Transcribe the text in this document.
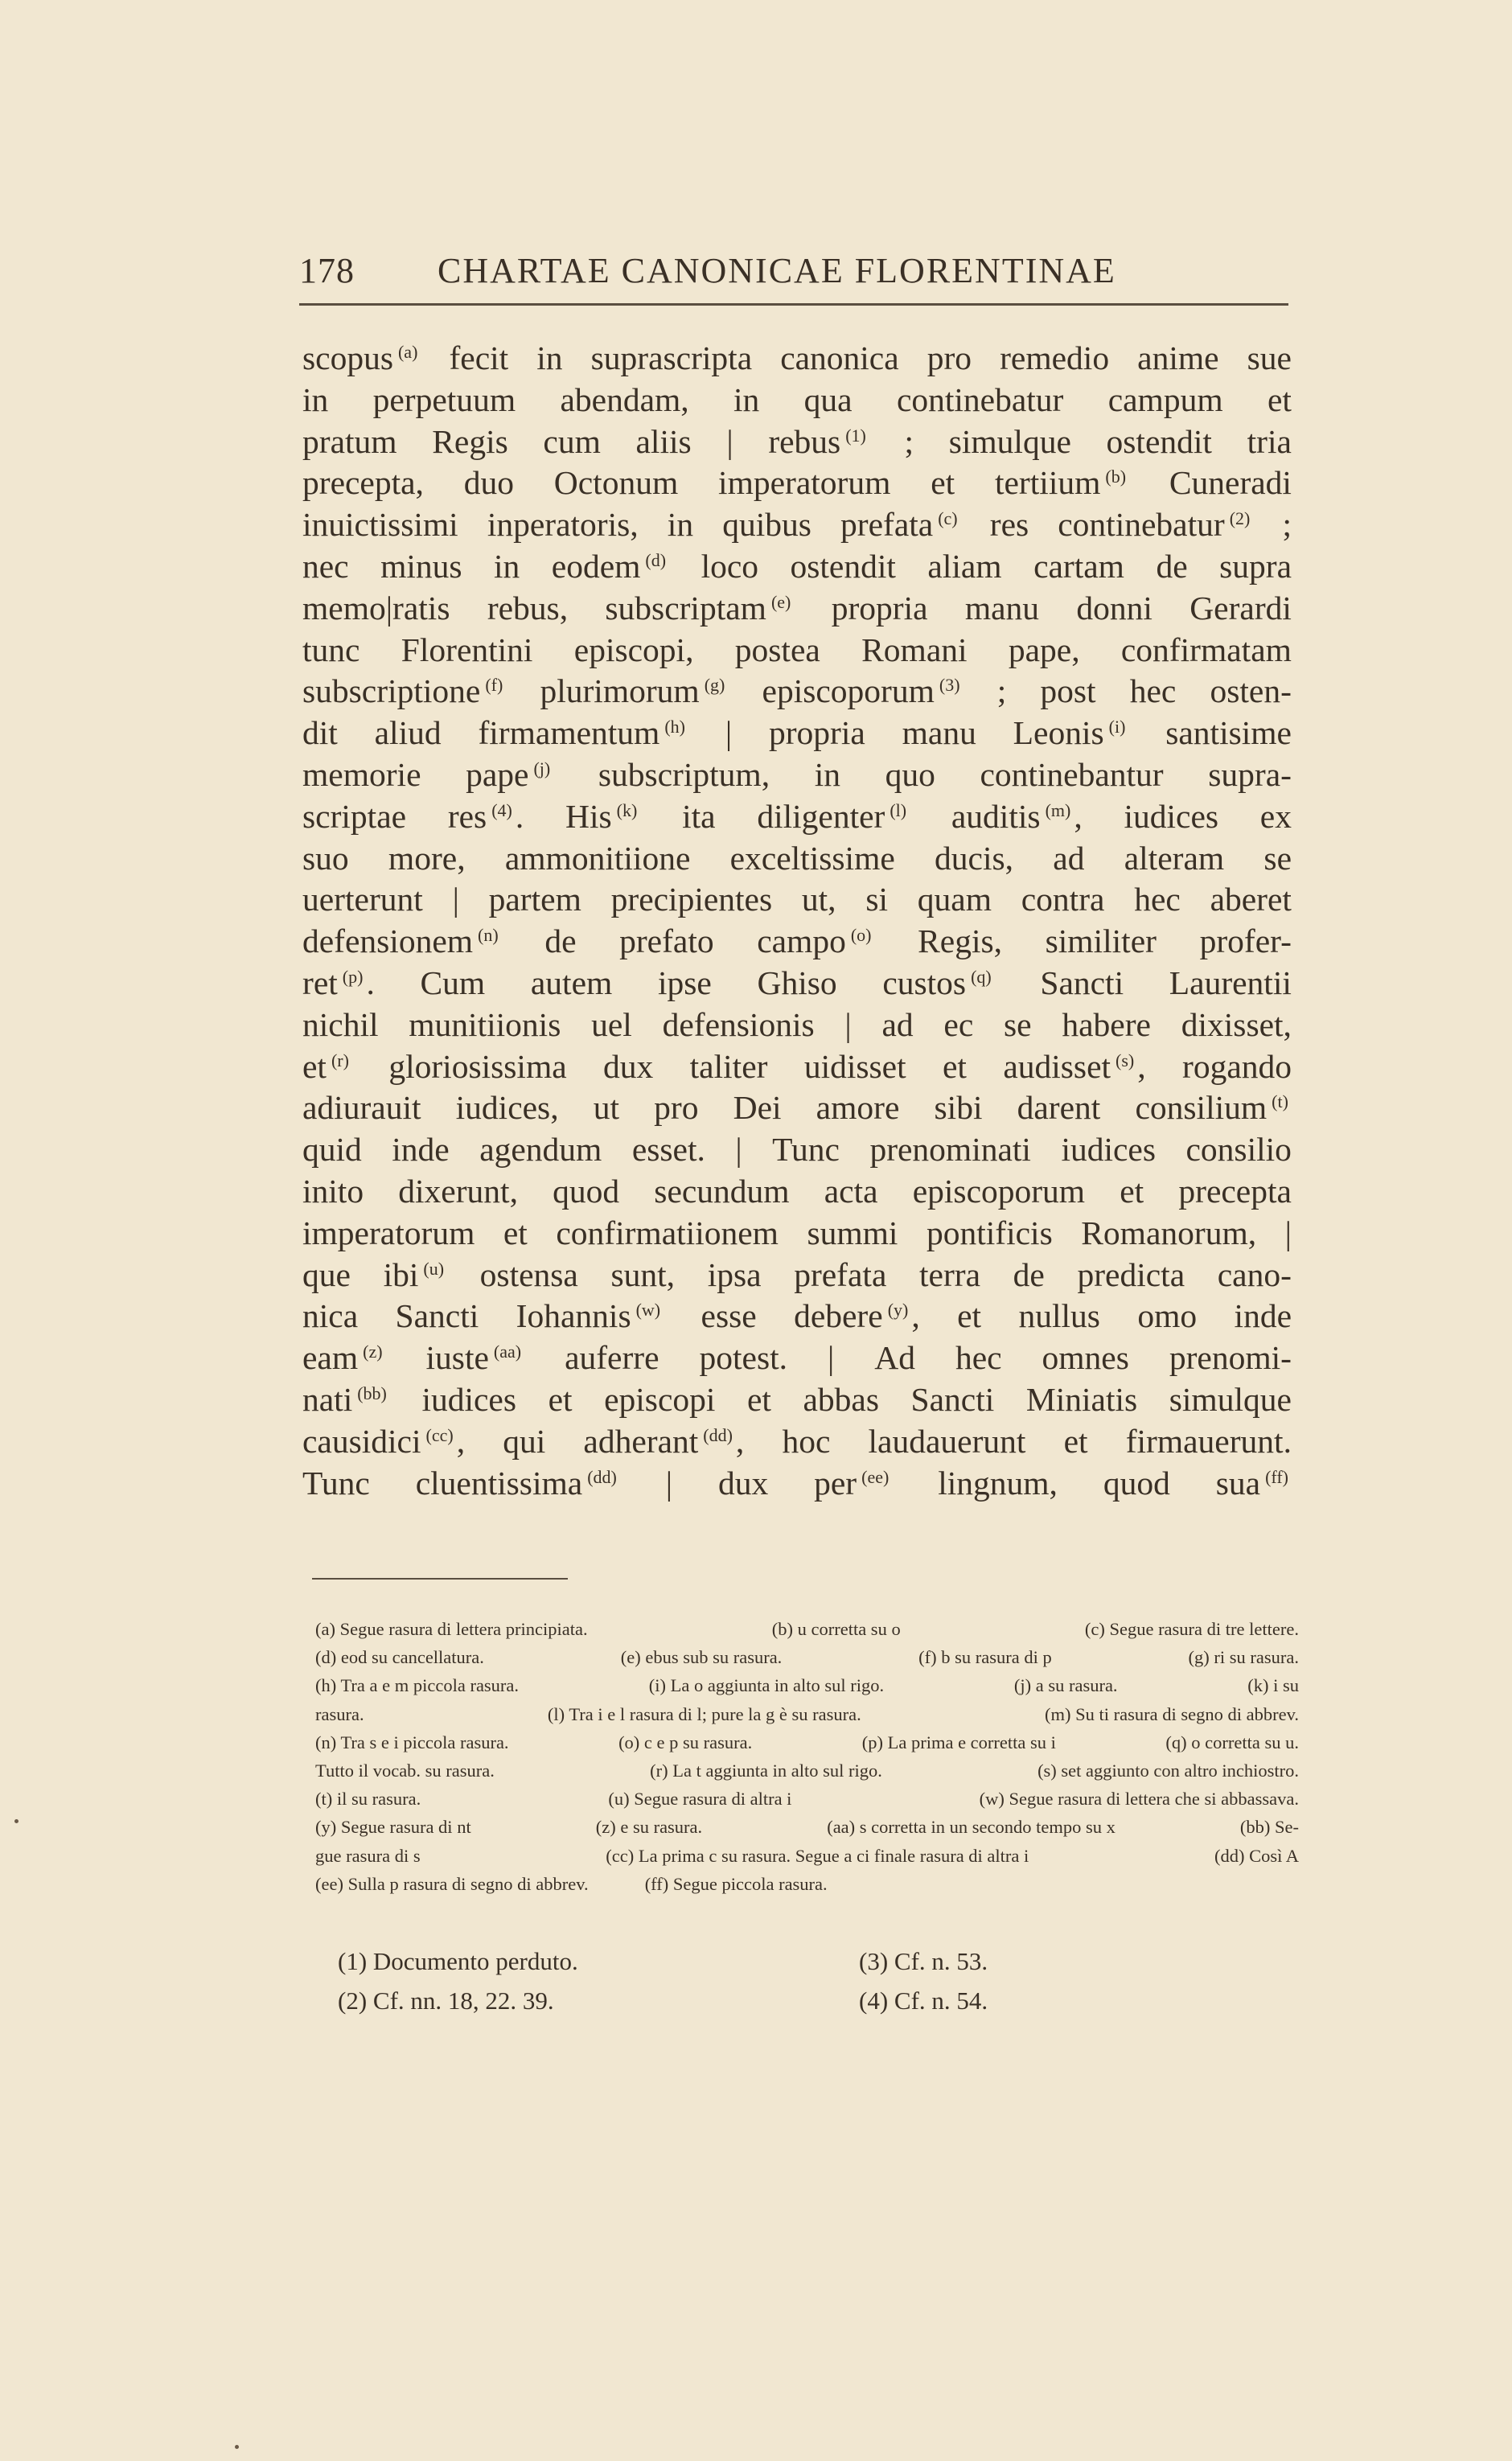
178 CHARTAE CANONICAE FLORENTINAE
scopus $^{(a)}$ fecit in suprascripta canonica pro remedio anime sue
in perpetuum abendam, in qua continebatur campum et
pratum Regis cum aliis | rebus $^{(1)}$ ; simulque ostendit tria
precepta, duo Octonum imperatorum et tertiium $^{(b)}$ Cuneradi
inuictissimi inperatoris, in quibus prefata $^{(c)}$ res continebatur $^{(2)}$ ;
nec minus in eodem $^{(d)}$ loco ostendit aliam cartam de supra
memo|ratis rebus, subscriptam $^{(e)}$ propria manu donni Gerardi
tunc Florentini episcopi, postea Romani pape, confirmatam
subscriptione $^{(f)}$ plurimorum $^{(g)}$ episcoporum $^{(3)}$ ; post hec osten-
dit aliud firmamentum $^{(h)}$ | propria manu Leonis $^{(i)}$ santisime
memorie pape $^{(j)}$ subscriptum, in quo continebantur supra-
scriptae res $^{(4)}$. His $^{(k)}$ ita diligenter $^{(l)}$ auditis $^{(m)}$, iudices ex
suo more, ammonitiione exceltissime ducis, ad alteram se
uerterunt | partem precipientes ut, si quam contra hec aberet
defensionem $^{(n)}$ de prefato campo $^{(o)}$ Regis, similiter profer-
ret $^{(p)}$. Cum autem ipse Ghiso custos $^{(q)}$ Sancti Laurentii
nichil munitiionis uel defensionis | ad ec se habere dixisset,
et $^{(r)}$ gloriosissima dux taliter uidisset et audisset $^{(s)}$, rogando
adiurauit iudices, ut pro Dei amore sibi darent consilium $^{(t)}$
quid inde agendum esset. | Tunc prenominati iudices consilio
inito dixerunt, quod secundum acta episcoporum et precepta
imperatorum et confirmatiionem summi pontificis Romanorum, |
que ibi $^{(u)}$ ostensa sunt, ipsa prefata terra de predicta cano-
nica Sancti Iohannis $^{(w)}$ esse debere $^{(y)}$, et nullus omo inde
eam $^{(z)}$ iuste $^{(aa)}$ auferre potest. | Ad hec omnes prenomi-
nati $^{(bb)}$ iudices et episcopi et abbas Sancti Miniatis simulque
causidici $^{(cc)}$, qui adherant $^{(dd)}$, hoc laudauerunt et firmauerunt.
Tunc cluentissima $^{(dd)}$ | dux per $^{(ee)}$ lingnum, quod sua $^{(ff)}$
(a) Segue rasura di lettera principiata.	(b) u corretta su o	(c) Segue rasura di tre lettere.
(d) eod su cancellatura.	(e) ebus sub su rasura.	(f) b su rasura di p	(g) ri su rasura.
(h) Tra a e m piccola rasura.	(i) La o aggiunta in alto sul rigo.	(j) a su rasura.	(k) i su
rasura.	(l) Tra i e l rasura di l; pure la g è su rasura.	(m) Su ti rasura di segno di abbrev.
(n) Tra s e i piccola rasura.	(o) c e p su rasura.	(p) La prima e corretta su i	(q) o corretta su u.
Tutto il vocab. su rasura.	(r) La t aggiunta in alto sul rigo.	(s) set aggiunto con altro inchiostro.
(t) il su rasura.	(u) Segue rasura di altra i	(w) Segue rasura di lettera che si abbassava.
(y) Segue rasura di nt	(z) e su rasura.	(aa) s corretta in un secondo tempo su x	(bb) Se-
gue rasura di s	(cc) La prima c su rasura. Segue a ci finale rasura di altra i	(dd) Così A
(ee) Sulla p rasura di segno di abbrev.	(ff) Segue piccola rasura.
(1) Documento perduto.	(3) Cf. n. 53.
(2) Cf. nn. 18, 22. 39.	(4) Cf. n. 54.
